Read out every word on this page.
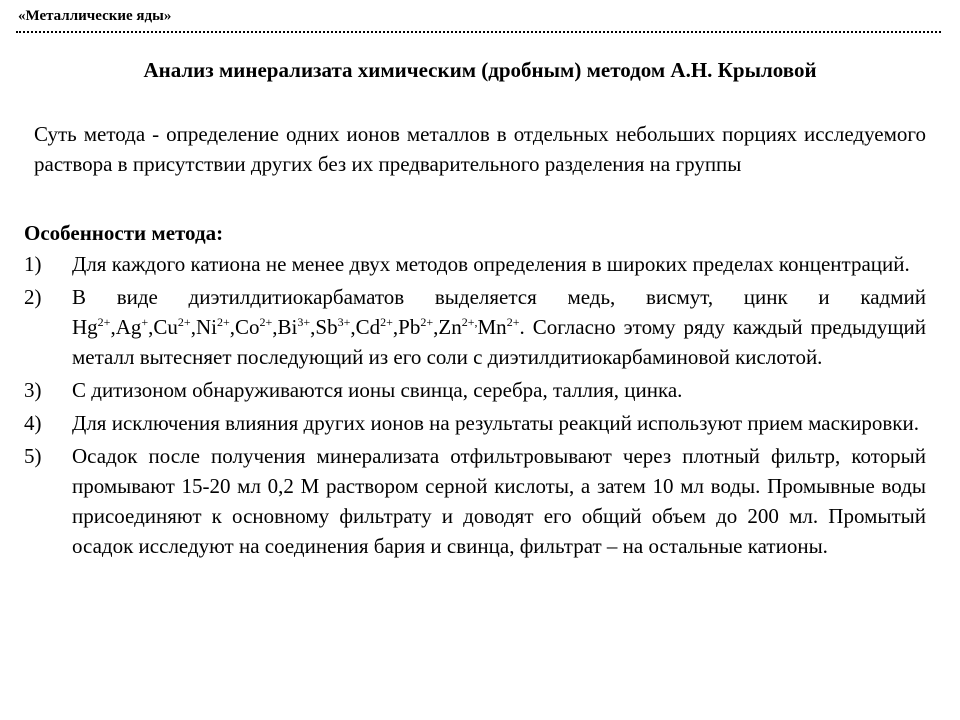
«Металлические яды»
Анализ минерализата химическим (дробным) методом А.Н. Крыловой

Суть метода - определение одних ионов металлов в отдельных небольших порциях исследуемого раствора в присутствии других без их предварительного разделения на группы

Особенности метода:
1) Для каждого катиона не менее двух методов определения в широких пределах концентраций.
2) В виде диэтилдитиокарбаматов выделяется медь, висмут, цинк и кадмий $Hg^{2+},Ag^+,Cu^{2+},Ni^{2+},Co^{2+},Bi^{3+},Sb^{3+},Cd^{2+},Pb^{2+},Zn^{2+,}Mn^{2+}$. Согласно этому ряду каждый предыдущий металл вытесняет последующий из его соли с диэтилдитиокарбаминовой кислотой.
3) С дитизоном обнаруживаются ионы свинца, серебра, таллия, цинка.
4) Для исключения влияния других ионов на результаты реакций используют прием маскировки.
5) Осадок после получения минерализата отфильтровывают через плотный фильтр, который промывают 15-20 мл 0,2 М раствором серной кислоты, а затем 10 мл воды. Промывные воды присоединяют к основному фильтрату и доводят его общий объем до 200 мл. Промытый осадок исследуют на соединения бария и свинца, фильтрат – на остальные катионы.
